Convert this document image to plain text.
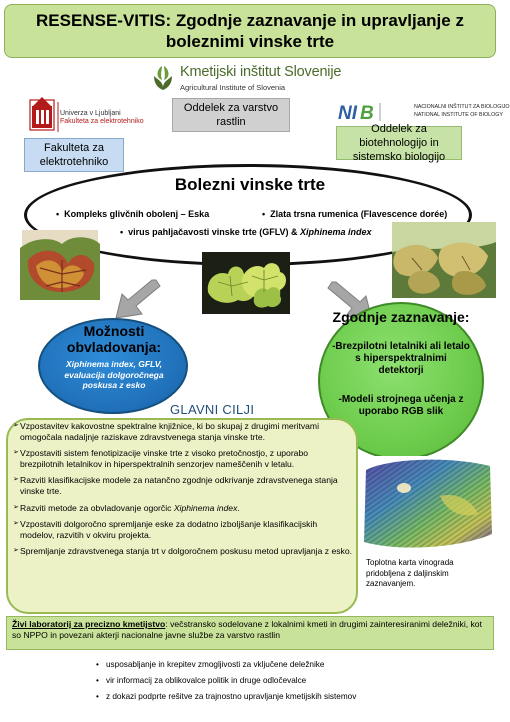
RESENSE-VITIS: Zgodnje zaznavanje in upravljanje z boleznimi vinske trte
Kmetijski inštitut Slovenije
Agricultural Institute of Slovenia
Univerza v Ljubljani
Fakulteta za elektrotehniko	NI B	NACIONALNI INŠTITUT ZA BIOLOGIJO
NATIONAL INSTITUTE OF BIOLOGY
Fakulteta za elektrotehniko
Oddelek za varstvo rastlin
Oddelek za biotehnologijo in sistemsko biologijo
Bolezni vinske trte
•  Kompleks glivčnih obolenj – Eska	•  Zlata trsna rumenica (Flavescence dorée)
•  virus pahljačavosti vinske trte (GFLV) & Xiphinema index
Možnosti obvladovanja:
Xiphinema index, GFLV, evaluacija dolgoročnega poskusa z esko
Zgodnje zaznavanje:
-Brezpilotni letalniki ali letalo s hiperspektralnimi detektorji
-Modeli strojnega učenja z uporabo RGB slik
GLAVNI CILJI
➢ Vzpostavitev kakovostne spektralne knjižnice, ki bo skupaj z drugimi meritvami omogočala nadaljnje raziskave zdravstvenega stanja vinske trte.
➢ Vzpostaviti sistem fenotipizacije vinske trte z visoko pretočnostjo, z uporabo brezpilotnih letalnikov in hiperspektralnih senzorjev nameščenih v letalu.
➢ Razviti klasifikacijske modele za natančno zgodnje odkrivanje zdravstvenega stanja vinske trte.
➢ Razviti metode za obvladovanje ogorčic Xiphinema index.
➢ Vzpostaviti dolgoročno spremljanje eske za dodatno izboljšanje klasifikacijskih modelov, razvitih v okviru projekta.
➢ Spremljanje zdravstvenega stanja trt v dolgoročnem poskusu metod upravljanja z esko.
Toplotna karta vinograda pridobljena z daljinskim zaznavanjem.
Živi laboratorij za precizno kmetijstvo: večstransko sodelovane z lokalnimi kmeti in drugimi zainteresiranimi deležniki, kot so NPPO in povezani akterji nacionalne javne službe za varstvo rastlin
• usposabljanje in krepitev zmogljivosti za vključene deležnike
• vir informacij za oblikovalce politik in druge odločevalce
• z dokazi podprte rešitve za trajnostno upravljanje kmetijskih sistemov
